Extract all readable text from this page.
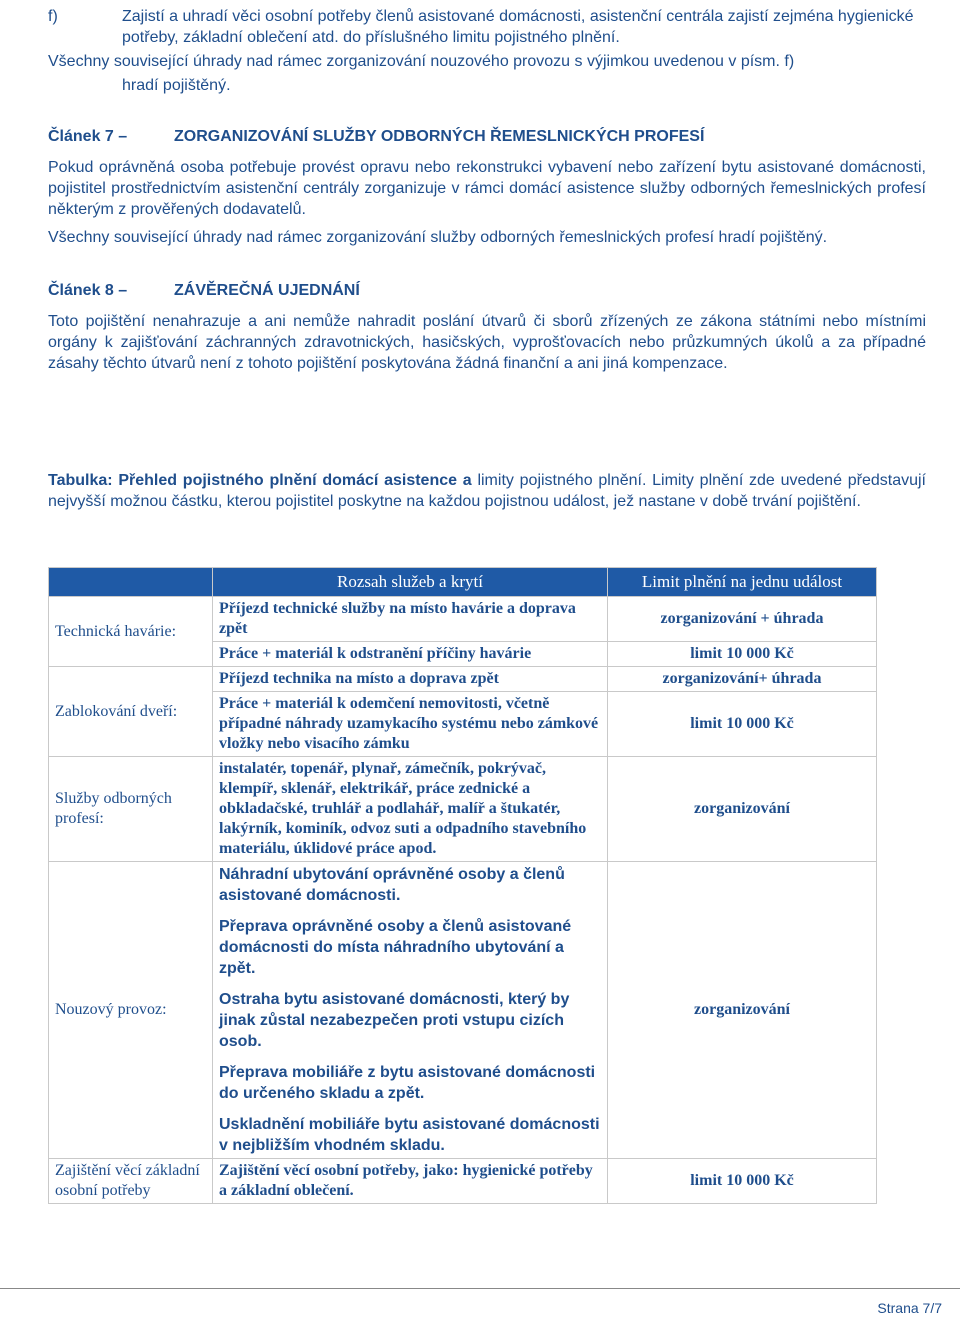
f)	Zajistí a uhradí věci osobní potřeby členů asistované domácnosti, asistenční centrála zajistí zejména hygienické potřeby, základní oblečení atd. do příslušného limitu pojistného plnění.
Všechny související úhrady nad rámec zorganizování nouzového provozu s výjimkou uvedenou v písm. f)
hradí pojištěný.
Článek 7 –	ZORGANIZOVÁNÍ SLUŽBY ODBORNÝCH ŘEMESLNICKÝCH PROFESÍ
Pokud oprávněná osoba potřebuje provést opravu nebo rekonstrukci vybavení nebo zařízení bytu asistované domácnosti, pojistitel prostřednictvím asistenční centrály zorganizuje v rámci domácí asistence služby odborných řemeslnických profesí některým z prověřených dodavatelů.
Všechny související úhrady nad rámec zorganizování služby odborných řemeslnických profesí hradí pojištěný.
Článek 8 –	ZÁVĚREČNÁ UJEDNÁNÍ
Toto pojištění nenahrazuje a ani nemůže nahradit poslání útvarů či sborů zřízených ze zákona státními nebo místními orgány k zajišťování záchranných zdravotnických, hasičských, vyprošťovacích nebo průzkumných úkolů a za případné zásahy těchto útvarů není z tohoto pojištění poskytována žádná finanční a ani jiná kompenzace.
Tabulka: Přehled pojistného plnění domácí asistence a limity pojistného plnění. Limity plnění zde uvedené představují nejvyšší možnou částku, kterou pojistitel poskytne na každou pojistnou událost, jež nastane v době trvání pojištění.
	Rozsah služeb a krytí	Limit plnění na jednu událost
Technická havárie:	Příjezd technické služby na místo havárie a doprava zpět	zorganizování + úhrada
	Práce + materiál k odstranění příčiny havárie	limit 10 000 Kč
Zablokování dveří:	Příjezd technika na místo a doprava zpět	zorganizování+ úhrada
	Práce + materiál k odemčení nemovitosti, včetně případné náhrady uzamykacího systému nebo zámkové vložky nebo visacího zámku	limit 10 000 Kč
Služby odborných profesí:	instalatér, topenář, plynař, zámečník, pokrývač, klempíř, sklenář, elektrikář, práce zednické a obkladačské, truhlář a podlahář, malíř a štukatér, lakýrník, kominík, odvoz suti a odpadního stavebního materiálu, úklidové práce apod.	zorganizování
Nouzový provoz:	Náhradní ubytování oprávněné osoby a členů asistované domácnosti.

Přeprava oprávněné osoby a členů asistované domácnosti do místa náhradního ubytování a zpět.

Ostraha bytu asistované domácnosti, který by jinak zůstal nezabezpečen proti vstupu cizích osob.

Přeprava mobiliáře z bytu asistované domácnosti do určeného skladu a zpět.

Uskladnění mobiliáře bytu asistované domácnosti v nejbližším vhodném skladu.	zorganizování
Zajištění věcí základní osobní potřeby	Zajištění věcí osobní potřeby, jako: hygienické potřeby a základní oblečení.	limit 10 000 Kč
Strana 7/7
